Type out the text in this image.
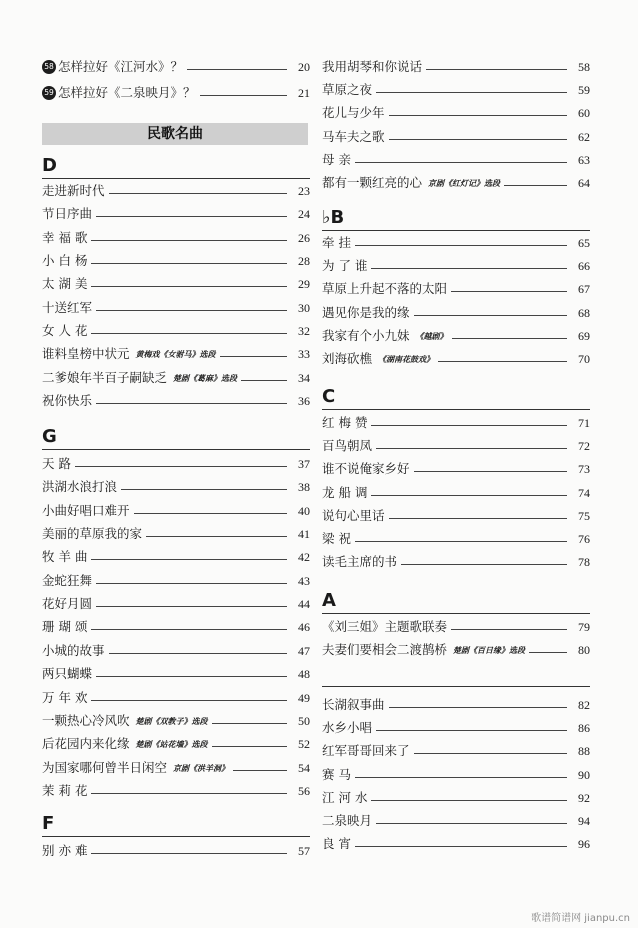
58 怎样拉好《江河水》？	20
59 怎样拉好《二泉映月》？	21
D
走进新时代	23
节日序曲	24
幸 福 歌	26
小 白 杨	28
太 湖 美	29
十送红军	30
女 人 花	32
谁料皇榜中状元 黄梅戏《女驸马》选段	33
二爹娘年半百子嗣缺乏 楚剧《葛麻》选段	34
祝你快乐	36
G
天 路	37
洪湖水浪打浪	38
小曲好唱口难开	40
美丽的草原我的家	41
牧 羊 曲	42
金蛇狂舞	43
花好月圆	44
珊 瑚 颂	46
小城的故事	47
两只蝴蝶	48
万 年 欢	49
一颗热心冷风吹 楚剧《双教子》选段	50
后花园内来化缘 楚剧《站花墙》选段	52
为国家哪何曾半日闲空 京剧《洪羊洞》	54
茉 莉 花	56
F
别 亦 难	57
我用胡琴和你说话	58
草原之夜	59
花儿与少年	60
马车夫之歌	62
母 亲	63
都有一颗红亮的心 京剧《红灯记》选段	64
♭B
牵 挂	65
为 了 谁	66
草原上升起不落的太阳	67
遇见你是我的缘	68
我家有个小九妹 《越剧》	69
刘海砍樵 《湖南花鼓戏》	70
C
红 梅 赞	71
百鸟朝凤	72
谁不说俺家乡好	73
龙 船 调	74
说句心里话	75
梁 祝	76
读毛主席的书	78
A
《刘三姐》主题歌联奏	79
夫妻们要相会二渡鹊桥 楚剧《百日缘》选段	80
长湖叙事曲	82
水乡小唱	86
红军哥哥回来了	88
赛 马	90
江 河 水	92
二泉映月	94
良 宵	96
民歌名曲
歌谱简谱网 jianpu.cn
